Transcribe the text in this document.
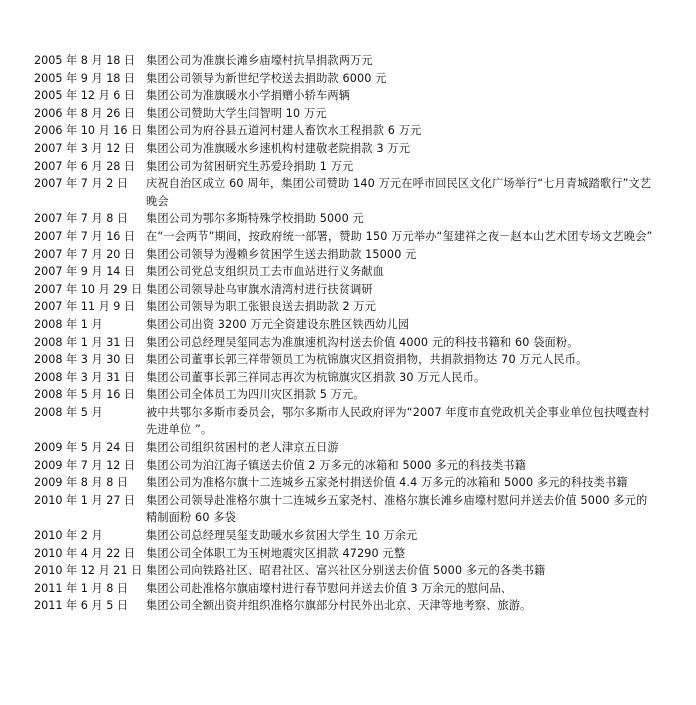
2005 年 8 月 18 日 集团公司为准旗长滩乡庙壕村抗旱捐款两万元
2005 年 9 月 18 日 集团公司领导为新世纪学校送去捐助款 6000 元
2005 年 12 月 6 日 集团公司为准旗暖水小学捐赠小轿车两辆
2006 年 8 月 26 日 集团公司赞助大学生闫智明 10 万元
2006 年 10 月 16 日 集团公司为府谷县五道河村建人畜饮水工程捐款 6 万元
2007 年 3 月 12 日 集团公司为准旗暖水乡速机构村建敬老院捐款 3 万元
2007 年 6 月 28 日 集团公司为贫困研究生苏爱玲捐助 1 万元
2007 年 7 月 2 日	庆祝自治区成立 60 周年，集团公司赞助 140 万元在呼市回民区文化广场举行“七月青城踏歌行”文艺晚会
2007 年 7 月 8 日	集团公司为鄂尔多斯特殊学校捐助 5000 元
2007 年 7 月 16 日 在“一会两节”期间，按政府统一部署，赞助 150 万元举办“玺建祥之夜－赵本山艺术团专场文艺晚会”
2007 年 7 月 20 日 集团公司领导为漫赖乡贫困学生送去捐助款 15000 元
2007 年 9 月 14 日 集团公司党总支组织员工去市血站进行义务献血
2007 年 10 月 29 日 集团公司领导赴乌审旗水清湾村进行扶贫调研
2007 年 11 月 9 日 集团公司领导为职工张银良送去捐助款 2 万元
2008 年 1 月	集团公司出资 3200 万元全资建设东胜区铁西幼儿园
2008 年 1 月 31 日 集团公司总经理吴玺同志为准旗速机沟村送去价值 4000 元的科技书籍和 60 袋面粉。
2008 年 3 月 30 日 集团公司董事长郭三祥带领员工为杭锦旗灾区捐资捐物，共捐款捐物达 70 万元人民币。
2008 年 3 月 31 日 集团公司董事长郭三祥同志再次为杭锦旗灾区捐款 30 万元人民币。
2008 年 5 月 16 日 集团公司全体员工为四川灾区捐款 5 万元。
2008 年 5 月	被中共鄂尔多斯市委员会，鄂尔多斯市人民政府评为“2007 年度市直党政机关企事业单位包扶嘎查村先进单位 ”。
2009 年 5 月 24 日 集团公司组织贫困村的老人津京五日游
2009 年 7 月 12 日 集团公司为泊江海子镇送去价值 2 万多元的冰箱和 5000 多元的科技类书籍
2009 年 8 月 8 日	集团公司为准格尔旗十二连城乡五家尧村捐送价值 4.4 万多元的冰箱和 5000 多元的科技类书籍
2010 年 1 月 27 日 集团公司领导赴准格尔旗十二连城乡五家尧村、准格尔旗长滩乡庙壕村慰问并送去价值 5000 多元的精制面粉 60 多袋
2010 年 2 月	集团公司总经理吴玺支助暖水乡贫困大学生 10 万余元
2010 年 4 月 22 日 集团公司全体职工为玉树地震灾区捐款 47290 元整
2010 年 12 月 21 日 集团公司向铁路社区、昭君社区、富兴社区分别送去价值 5000 多元的各类书籍
2011 年 1 月 8 日	集团公司赴准格尔旗庙壕村进行春节慰问并送去价值 3 万余元的慰问品、
2011 年 6 月 5 日	集团公司全额出资并组织准格尔旗部分村民外出北京、天津等地考察、旅游。
